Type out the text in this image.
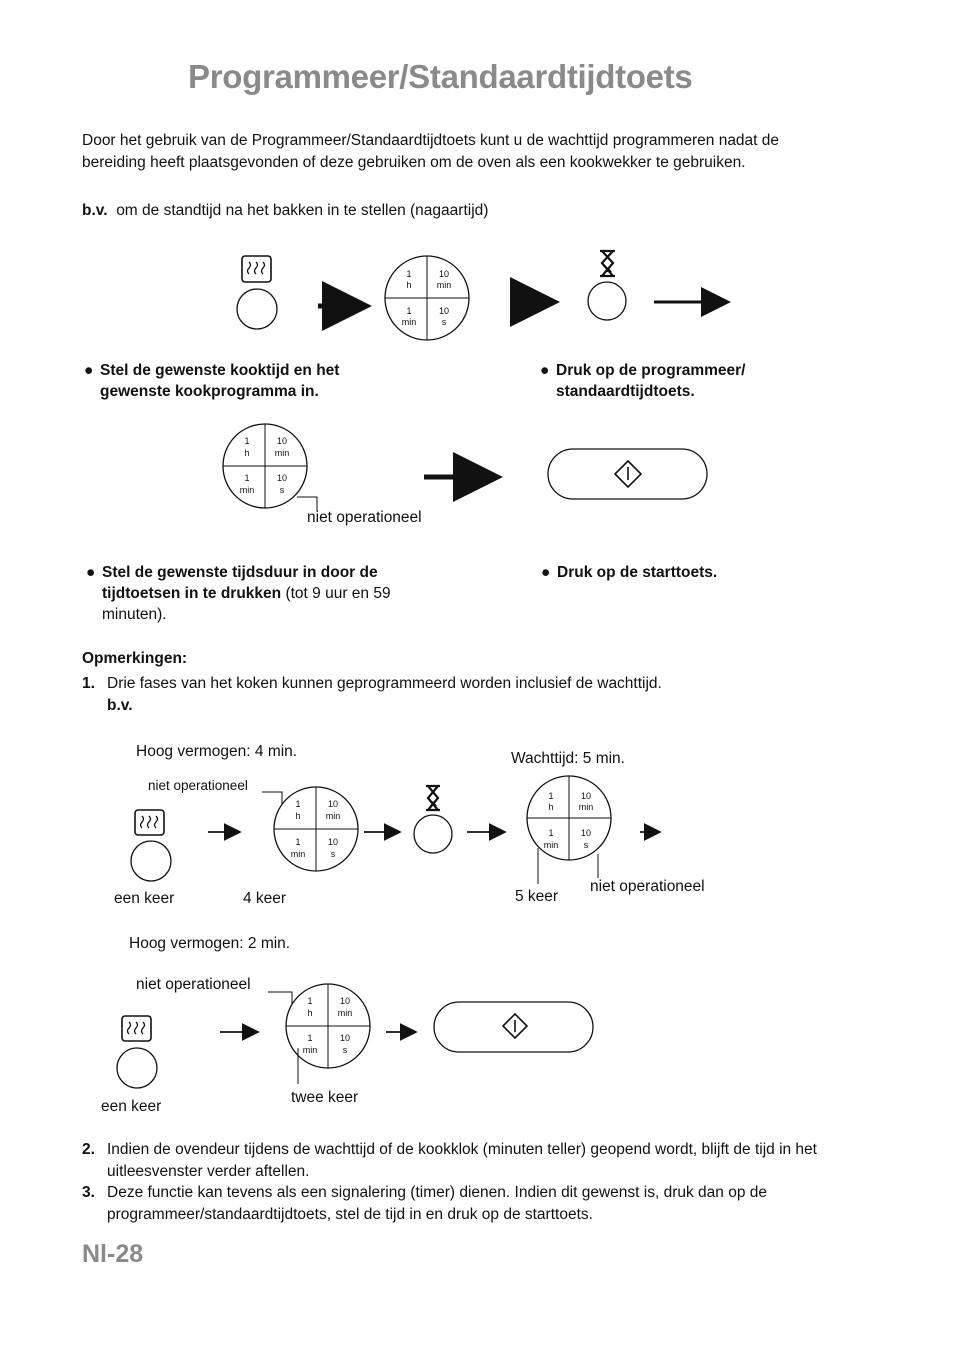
Programmeer/Standaardtijdtoets
Door het gebruik van de Programmeer/Standaardtijdtoets kunt u de wachttijd programmeren nadat de bereiding heeft plaatsgevonden of deze gebruiken om de oven als een kookwekker te gebruiken.
b.v. om de standtijd na het bakken in te stellen (nagaartijd)
1
h
10
min
1
min
10
s
1
h
10
min
1
min
10
s
1
h
10
min
1
min
10
s
1
h
10
min
1
min
10
s
1
h
10
min
1
min
10
s
● Stel de gewenste kooktijd en het gewenste kookprogramma in.
● Druk op de programmeer/ standaardtijdtoets.
niet operationeel
● Stel de gewenste tijdsduur in door de tijdtoetsen in te drukken (tot 9 uur en 59 minuten).
● Druk op de starttoets.
Opmerkingen:
1. Drie fases van het koken kunnen geprogrammeerd worden inclusief de wachttijd.
b.v.
Hoog vermogen: 4 min.	Wachttijd: 5 min.
niet operationeel
een keer	4 keer	5 keer
niet operationeel
Hoog vermogen: 2 min.
niet operationeel
een keer
twee keer
2. Indien de ovendeur tijdens de wachttijd of de kookklok (minuten teller) geopend wordt, blijft de tijd in het uitleesvenster verder aftellen.
3. Deze functie kan tevens als een signalering (timer) dienen. Indien dit gewenst is, druk dan op de programmeer/standaardtijdtoets, stel de tijd in en druk op de starttoets.
Nl-28
